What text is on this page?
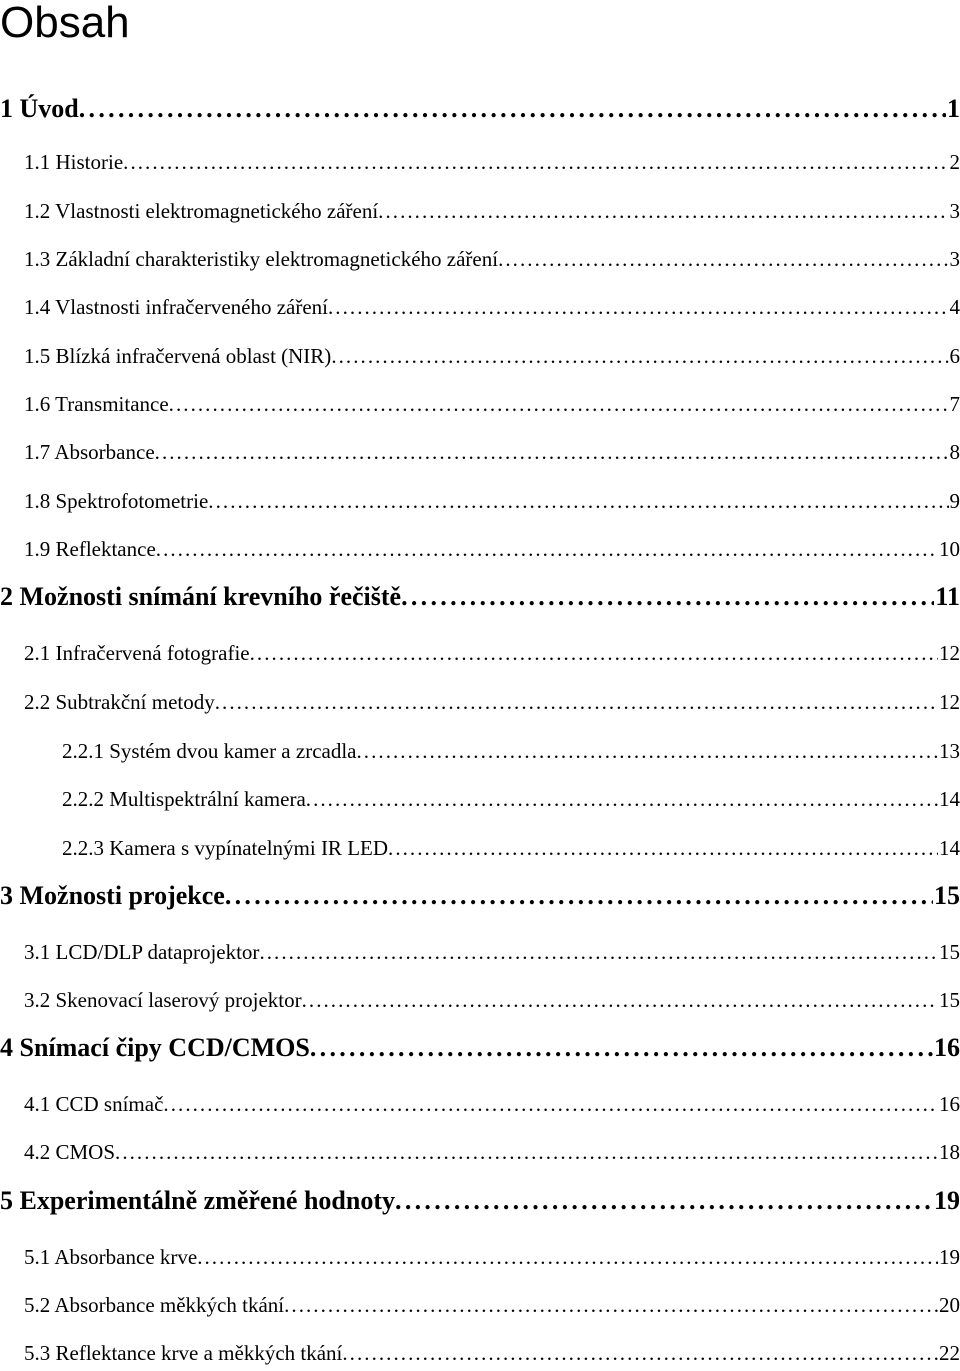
Obsah
1 Úvod . . .	1
1.1 Historie . . .	2
1.2 Vlastnosti elektromagnetického záření . . .	3
1.3 Základní charakteristiky elektromagnetického záření . . .	3
1.4 Vlastnosti infračerveného záření . . .	4
1.5 Blízká infračervená oblast (NIR) . . .	6
1.6 Transmitance . . .	7
1.7 Absorbance . . .	8
1.8 Spektrofotometrie . . .	9
1.9 Reflektance . . .	10
2 Možnosti snímání krevního řečiště . . .	11
2.1 Infračervená fotografie . . .	12
2.2 Subtrakční metody . . .	12
2.2.1 Systém dvou kamer a zrcadla . . .	13
2.2.2 Multispektrální kamera . . .	14
2.2.3 Kamera s vypínatelnými IR LED . . .	14
3 Možnosti projekce . . .	15
3.1 LCD/DLP dataprojektor . . .	15
3.2 Skenovací laserový projektor . . .	15
4 Snímací čipy CCD/CMOS . . .	16
4.1 CCD snímač . . .	16
4.2 CMOS . . .	18
5 Experimentálně změřené hodnoty . . .	19
5.1 Absorbance krve . . .	19
5.2 Absorbance měkkých tkání . . .	20
5.3 Reflektance krve a měkkých tkání . . .	22
